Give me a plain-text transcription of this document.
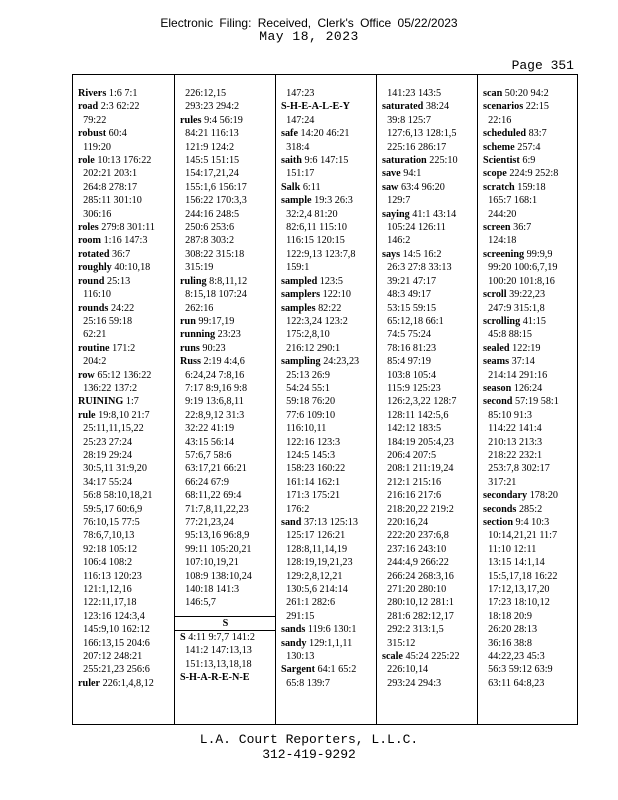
Electronic Filing: Received, Clerk's Office 05/22/2023
May 18, 2023
Page 351
Rivers 1:6 7:1
road 2:3 62:22
79:22
robust 60:4
119:20
role 10:13 176:22
202:21 203:1
264:8 278:17
285:11 301:10
306:16
roles 279:8 301:11
room 1:16 147:3
rotated 36:7
roughly 40:10,18
round 25:13
116:10
rounds 24:22
25:16 59:18
62:21
routine 171:2
204:2
row 65:12 136:22
136:22 137:2
RUINING 1:7
rule 19:8,10 21:7
25:11,11,15,22
25:23 27:24
28:19 29:24
30:5,11 31:9,20
34:17 55:24
56:8 58:10,18,21
59:5,17 60:6,9
76:10,15 77:5
78:6,7,10,13
92:18 105:12
106:4 108:2
116:13 120:23
121:1,12,16
122:11,17,18
123:16 124:3,4
145:9,10 162:12
166:13,15 204:6
207:12 248:21
255:21,23 256:6
ruler 226:1,4,8,12
226:12,15
293:23 294:2
rules 9:4 56:19
84:21 116:13
121:9 124:2
145:5 151:15
154:17,21,24
155:1,6 156:17
156:22 170:3,3
244:16 248:5
250:6 253:6
287:8 303:2
308:22 315:18
315:19
ruling 8:8,11,12
8:15,18 107:24
262:16
run 99:17,19
running 23:23
runs 90:23
Russ 2:19 4:4,6
6:24,24 7:8,16
7:17 8:9,16 9:8
9:19 13:6,8,11
22:8,9,12 31:3
32:22 41:19
43:15 56:14
57:6,7 58:6
63:17,21 66:21
66:24 67:9
68:11,22 69:4
71:7,8,11,22,23
77:21,23,24
95:13,16 96:8,9
99:11 105:20,21
107:10,19,21
108:9 138:10,24
140:18 141:3
146:5,7
S
S 4:11 9:7,7 141:2
141:2 147:13,13
151:13,13,18,18
S-H-A-R-E-N-E
147:23
S-H-E-A-L-E-Y
147:24
safe 14:20 46:21
318:4
saith 9:6 147:15
151:17
Salk 6:11
sample 19:3 26:3
32:2,4 81:20
82:6,11 115:10
116:15 120:15
122:9,13 123:7,8
159:1
sampled 123:5
samplers 122:10
samples 82:22
122:3,24 123:2
175:2,8,10
216:12 290:1
sampling 24:23,23
25:13 26:9
54:24 55:1
59:18 76:20
77:6 109:10
116:10,11
122:16 123:3
124:5 145:3
158:23 160:22
161:14 162:1
171:3 175:21
176:2
sand 37:13 125:13
125:17 126:21
128:8,11,14,19
128:19,19,21,23
129:2,8,12,21
130:5,6 214:14
261:1 282:6
291:15
sands 119:6 130:1
sandy 129:1,1,11
130:13
Sargent 64:1 65:2
65:8 139:7
141:23 143:5
saturated 38:24
39:8 125:7
127:6,13 128:1,5
225:16 286:17
saturation 225:10
save 94:1
saw 63:4 96:20
129:7
saying 41:1 43:14
105:24 126:11
146:2
says 14:5 16:2
26:3 27:8 33:13
39:21 47:17
48:3 49:17
53:15 59:15
65:12,18 66:1
74:5 75:24
78:16 81:23
85:4 97:19
103:8 105:4
115:9 125:23
126:2,3,22 128:7
128:11 142:5,6
142:12 183:5
184:19 205:4,23
206:4 207:5
208:1 211:19,24
212:1 215:16
216:16 217:6
218:20,22 219:2
220:16,24
222:20 237:6,8
237:16 243:10
244:4,9 266:22
266:24 268:3,16
271:20 280:10
280:10,12 281:1
281:6 282:12,17
292:2 313:1,5
315:12
scale 45:24 225:22
226:10,14
293:24 294:3
scan 50:20 94:2
scenarios 22:15
22:16
scheduled 83:7
scheme 257:4
Scientist 6:9
scope 224:9 252:8
scratch 159:18
165:7 168:1
244:20
screen 36:7
124:18
screening 99:9,9
99:20 100:6,7,19
100:20 101:8,16
scroll 39:22,23
247:9 315:1,8
scrolling 41:15
45:8 88:15
sealed 122:19
seams 37:14
214:14 291:16
season 126:24
second 57:19 58:1
85:10 91:3
114:22 141:4
210:13 213:3
218:22 232:1
253:7,8 302:17
317:21
secondary 178:20
seconds 285:2
section 9:4 10:3
10:14,21,21 11:7
11:10 12:11
13:15 14:1,14
15:5,17,18 16:22
17:12,13,17,20
17:23 18:10,12
18:18 20:9
26:20 28:13
36:16 38:8
44:22,23 45:3
56:3 59:12 63:9
63:11 64:8,23
L.A. Court Reporters, L.L.C.
312-419-9292
